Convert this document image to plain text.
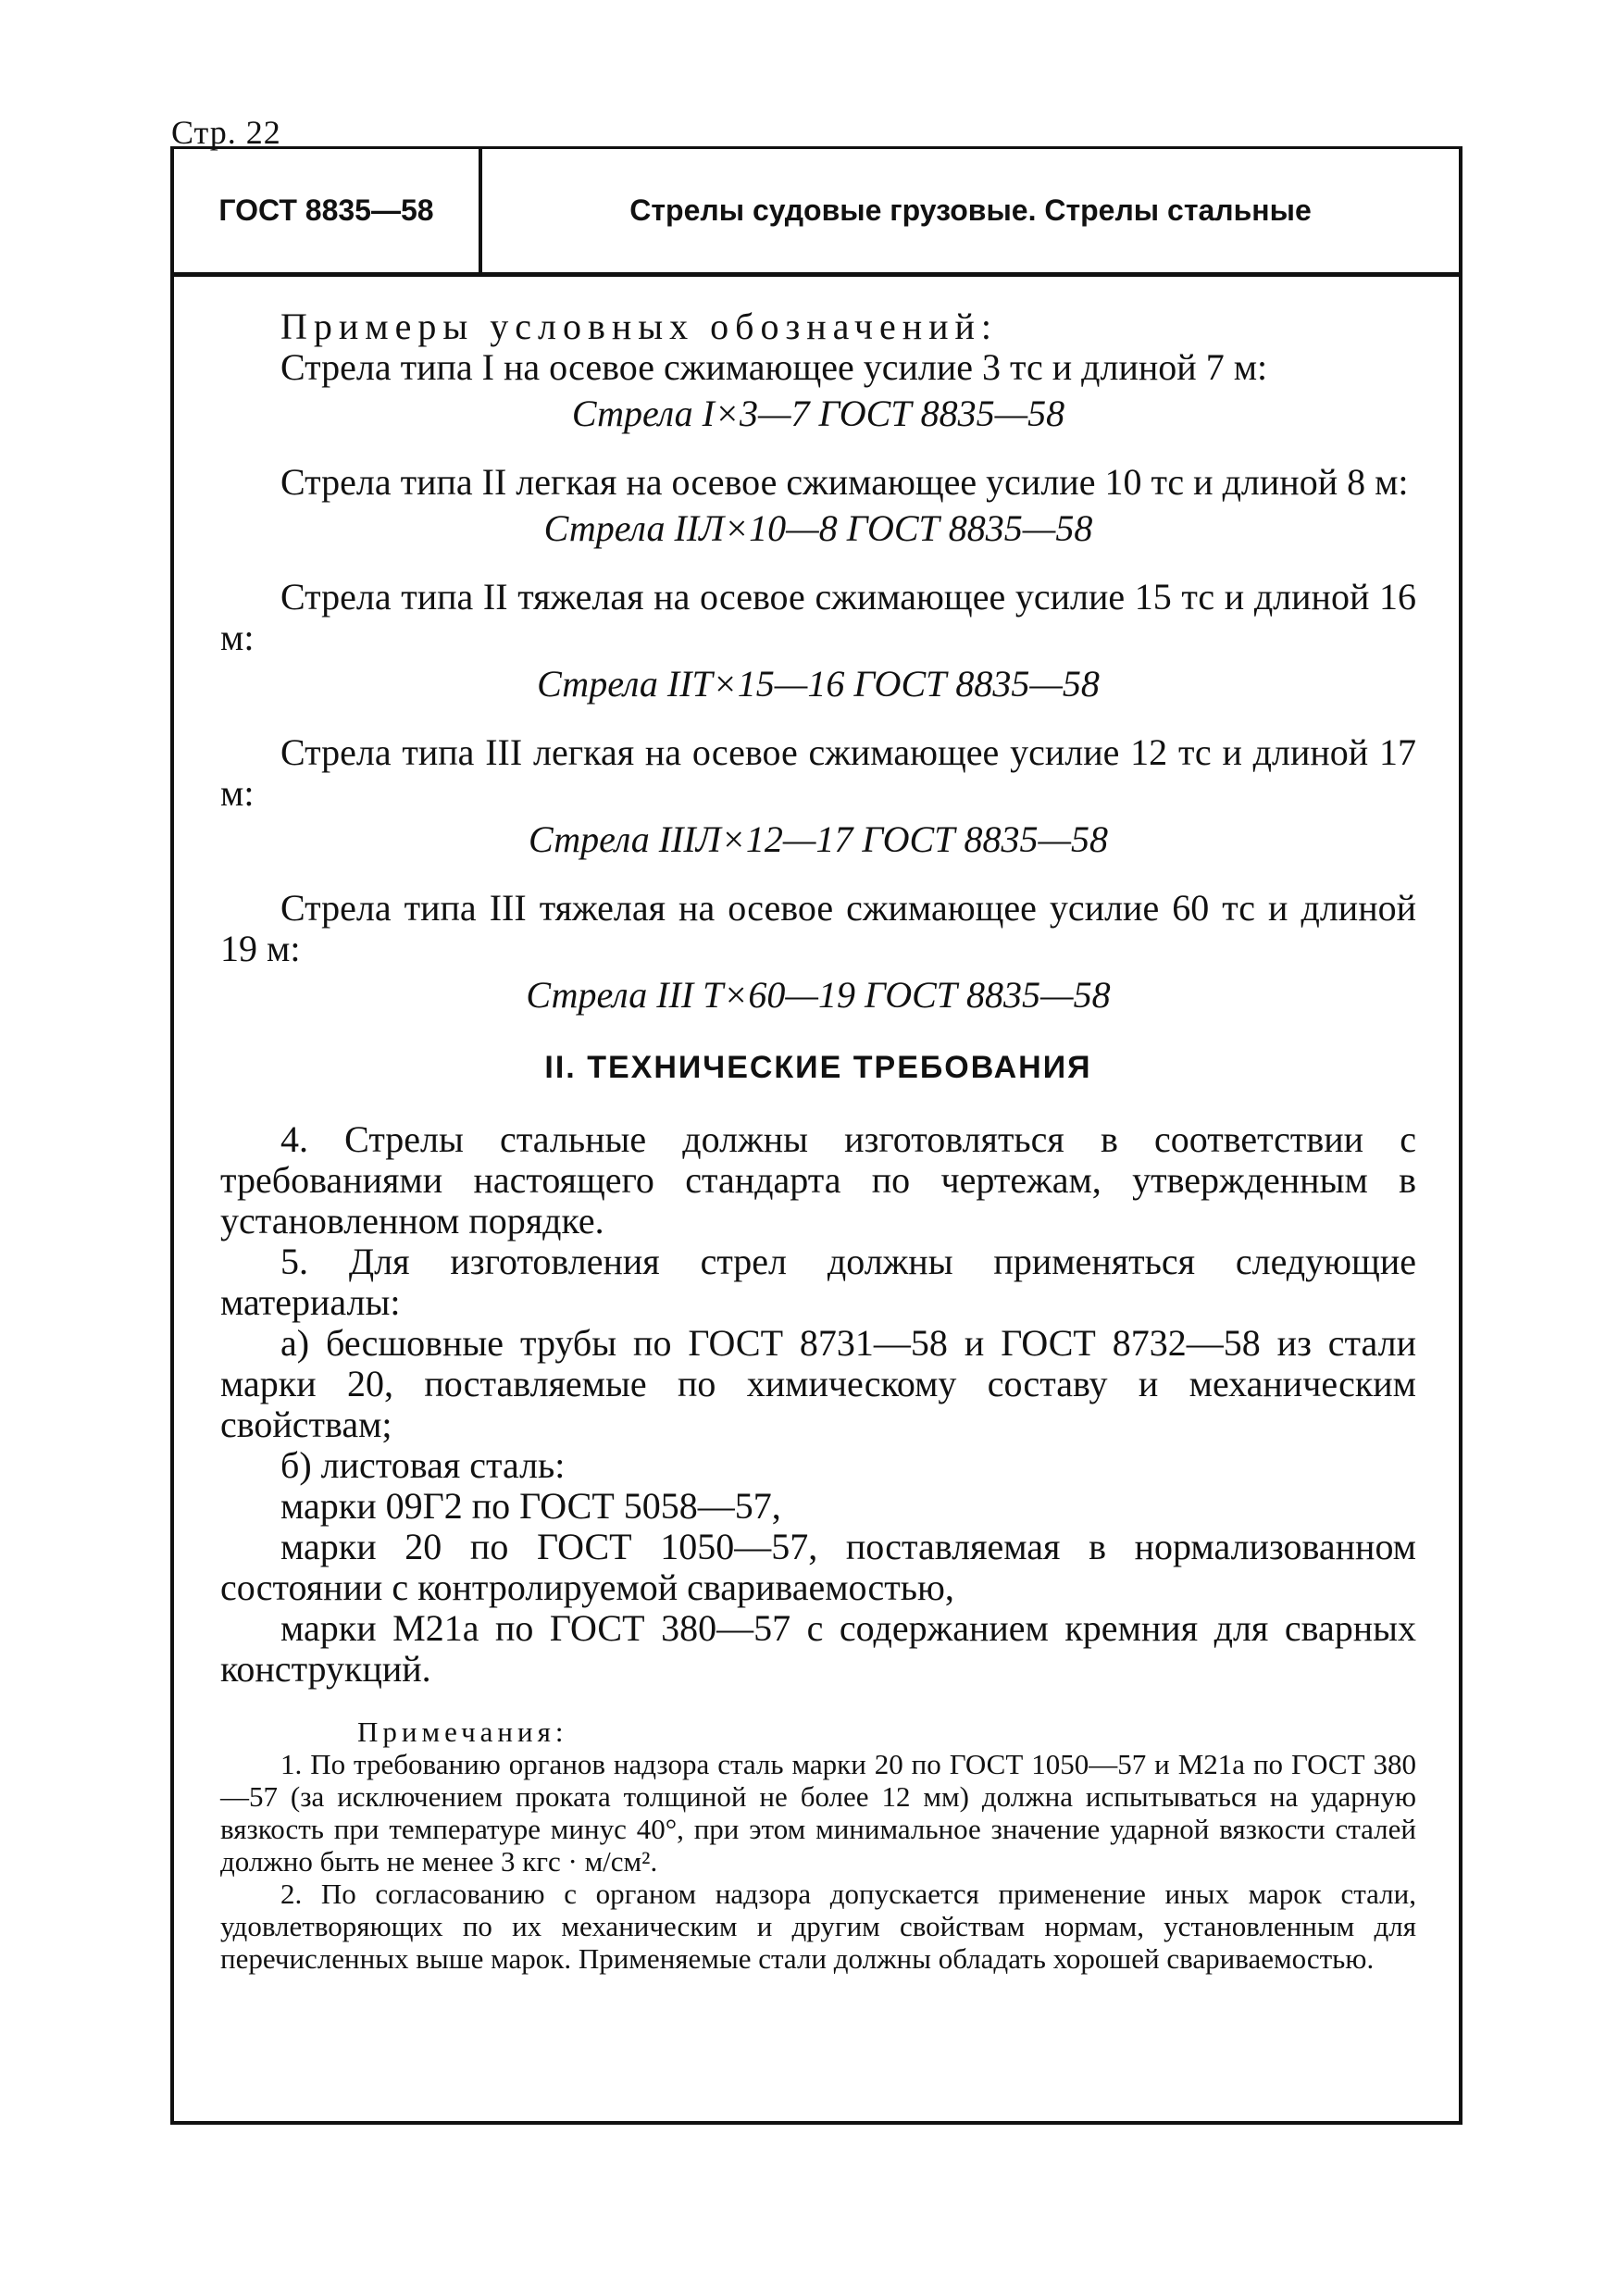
Стр. 22
ГОСТ 8835—58	Стрелы судовые грузовые. Стрелы стальные

Примеры условных обозначений:

Стрела типа I на осевое сжимающее усилие 3 тс и длиной 7 м:

Стрела I×3—7 ГОСТ 8835—58

Стрела типа II легкая на осевое сжимающее усилие 10 тс и длиной 8 м:

Стрела IIЛ×10—8 ГОСТ 8835—58

Стрела типа II тяжелая на осевое сжимающее усилие 15 тс и длиной 16 м:

Стрела IIТ×15—16 ГОСТ 8835—58

Стрела типа III легкая на осевое сжимающее усилие 12 тс и длиной 17 м:

Стрела IIIЛ×12—17 ГОСТ 8835—58

Стрела типа III тяжелая на осевое сжимающее усилие 60 тс и длиной 19 м:

Стрела III Т×60—19 ГОСТ 8835—58

II. ТЕХНИЧЕСКИЕ ТРЕБОВАНИЯ

4. Стрелы стальные должны изготовляться в соответствии с требованиями настоящего стандарта по чертежам, утвержденным в установленном порядке.

5. Для изготовления стрел должны применяться следующие материалы:

а) бесшовные трубы по ГОСТ 8731—58 и ГОСТ 8732—58 из стали марки 20, поставляемые по химическому составу и механическим свойствам;

б) листовая сталь:

марки 09Г2 по ГОСТ 5058—57,

марки 20 по ГОСТ 1050—57, поставляемая в нормализованном состоянии с контролируемой свариваемостью,

марки М21а по ГОСТ 380—57 с содержанием кремния для сварных конструкций.

Примечания:

1. По требованию органов надзора сталь марки 20 по ГОСТ 1050—57 и М21а по ГОСТ 380—57 (за исключением проката толщиной не более 12 мм) должна испытываться на ударную вязкость при температуре минус 40°, при этом минимальное значение ударной вязкости сталей должно быть не менее 3 кгс · м/см².

2. По согласованию с органом надзора допускается применение иных марок стали, удовлетворяющих по их механическим и другим свойствам нормам, установленным для перечисленных выше марок. Применяемые стали должны обладать хорошей свариваемостью.
